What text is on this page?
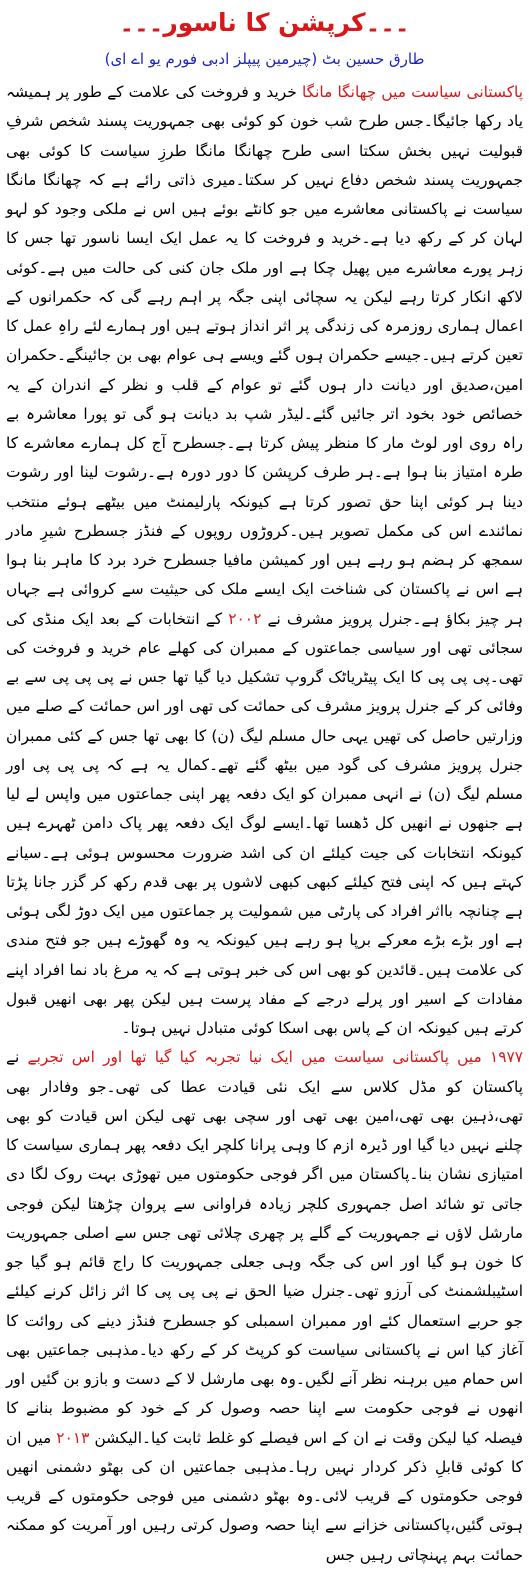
۔۔۔کرپشن کا ناسور۔۔۔
طارق حسین بٹ (چیرمین پیپلز ادبی فورم یو اے ای)
پاکستانی سیاست میں چھانگا مانگا خرید و فروخت کی علامت کے طور پر ہمیشہ یاد رکھا جائیگا۔جس طرح شب خون کو کوئی بھی جمہوریت پسند شخص شرفِ قبولیت نہیں بخش سکتا اسی طرح چھانگا مانگا طرزِ سیاست کا کوئی بھی جمہوریت پسند شخص دفاع نہیں کر سکتا۔میری ذاتی رائے ہے کہ چھانگا مانگا سیاست نے پاکستانی معاشرے میں جو کانٹے بوئے ہیں اس نے ملکی وجود کو لہو لہان کر کے رکھ دیا ہے۔خرید و فروخت کا یہ عمل ایک ایسا ناسور تھا جس کا زہر پورے معاشرے میں پھیل چکا ہے اور ملک جان کنی کی حالت میں ہے۔کوئی لاکھ انکار کرتا رہے لیکن یہ سچائی اپنی جگہ پر اہم رہے گی کہ حکمرانوں کے اعمال ہماری روزمرہ کی زندگی پر اثر انداز ہوتے ہیں اور ہمارے لئے راہِ عمل کا تعین کرتے ہیں۔جیسے حکمران ہوں گئے ویسے ہی عوام بھی بن جائینگے۔حکمران امین،صدیق اور دیانت دار ہوں گئے تو عوام کے قلب و نظر کے اندران کے یہ خصائص خود بخود اتر جائیں گئے۔لیڈر شپ بد دیانت ہو گی تو پورا معاشرہ بے راہ روی اور لوٹ مار کا منظر پیش کرتا ہے۔جسطرح آج کل ہمارے معاشرے کا طرہ امتیاز بنا ہوا ہے۔ہر طرف کرپشن کا دور دورہ ہے۔رشوت لینا اور رشوت دینا ہر کوئی اپنا حق تصور کرتا ہے کیونکہ پارلیمنٹ میں بیٹھے ہوئے منتخب نمائندے اس کی مکمل تصویر ہیں۔کروڑوں روپوں کے فنڈز جسطرح شیرِ مادر سمجھ کر ہضم ہو رہے ہیں اور کمیشن مافیا جسطرح خرد برد کا ماہر بنا ہوا ہے اس نے پاکستان کی شناخت ایک ایسے ملک کی حیثیت سے کروائی ہے جہاں ہر چیز بکاؤ ہے۔جنرل پرویز مشرف نے ۲۰۰۲ کے انتخابات کے بعد ایک منڈی کی سجائی تھی اور سیاسی جماعتوں کے ممبران کی کھلے عام خرید و فروخت کی تھی۔پی پی پی کا ایک پیٹریاٹک گروپ تشکیل دیا گیا تھا جس نے پی پی پی سے بے وفائی کر کے جنرل پرویز مشرف کی حمائت کی تھی اور اس حمائت کے صلے میں وزارتیں حاصل کی تھیں یہی حال مسلم لیگ (ن) کا بھی تھا جس کے کئی ممبران جنرل پرویز مشرف کی گود میں بیٹھ گئے تھے۔کمال یہ ہے کہ پی پی پی اور مسلم لیگ (ن) نے انہی ممبران کو ایک دفعہ پھر اپنی جماعتوں میں واپس لے لیا ہے جنھوں نے انھیں کل ڈھسا تھا۔ایسے لوگ ایک دفعہ پھر پاک دامن ٹھہرے ہیں کیونکہ انتخابات کی جیت کیلئے ان کی اشد ضرورت محسوس ہوئی ہے۔سیانے کہتے ہیں کہ اپنی فتح کیلئے کبھی کبھی لاشوں پر بھی قدم رکھ کر گزر جانا پڑتا ہے چنانچہ بااثر افراد کی پارٹی میں شمولیت پر جماعتوں میں ایک دوڑ لگی ہوئی ہے اور بڑے بڑے معرکے برپا ہو رہے ہیں کیونکہ یہ وہ گھوڑے ہیں جو فتح مندی کی علامت ہیں۔قائدین کو بھی اس کی خبر ہوتی ہے کہ یہ مرغ باد نما افراد اپنے مفادات کے اسیر اور پرلے درجے کے مفاد پرست ہیں لیکن پھر بھی انھیں قبول کرتے ہیں کیونکہ ان کے پاس بھی اسکا کوئی متبادل نہیں ہوتا۔
۱۹۷۷ میں پاکستانی سیاست میں ایک نیا تجربہ کیا گیا تھا اور اس تجربے نے پاکستان کو مڈل کلاس سے ایک نئی قیادت عطا کی تھی۔جو وفادار بھی تھی،ذہین بھی تھی،امین بھی تھی اور سچی بھی تھی لیکن اس قیادت کو بھی چلنے نہیں دیا گیا اور ڈیرہ ازم کا وہی پرانا کلچر ایک دفعہ پھر ہماری سیاست کا امتیازی نشان بنا۔پاکستان میں اگر فوجی حکومتوں میں تھوڑی بہت روک لگا دی جاتی تو شائد اصل جمہوری کلچر زیادہ فراوانی سے پروان چڑھتا لیکن فوجی مارشل لاؤں نے جمہوریت کے گلے پر چھری چلائی تھی جس سے اصلی جمہوریت کا خون ہو گیا اور اس کی جگہ وہی جعلی جمہوریت کا راج قائم ہو گیا جو اسٹیبلشمنٹ کی آرزو تھی۔جنرل ضیا الحق نے پی پی پی کا اثر زائل کرنے کیلئے جو حربے استعمال کئے اور ممبران اسمبلی کو جسطرح فنڈز دینے کی روائت کا آغاز کیا اس نے پاکستانی سیاست کو کرپٹ کر کے رکھ دیا۔مذہبی جماعتیں بھی اس حمام میں برہنہ نظر آنے لگیں۔وہ بھی مارشل لا کے دست و بازو بن گئیں اور انھوں نے فوجی حکومت سے اپنا حصہ وصول کر کے خود کو مضبوط بنانے کا فیصلہ کیا لیکن وقت نے ان کے اس فیصلے کو غلط ثابت کیا۔الیکشن ۲۰۱۳ میں ان کا کوئی قابلِ ذکر کردار نہیں رہا۔مذہبی جماعتیں ان کی بھٹو دشمنی انھیں فوجی حکومتوں کے قریب لائی۔وہ بھٹو دشمنی میں فوجی حکومتوں کے قریب ہوتی گئیں،پاکستانی خزانے سے اپنا حصہ وصول کرتی رہیں اور آمریت کو ممکنہ حمائت بہم پہنچاتی رہیں جس
